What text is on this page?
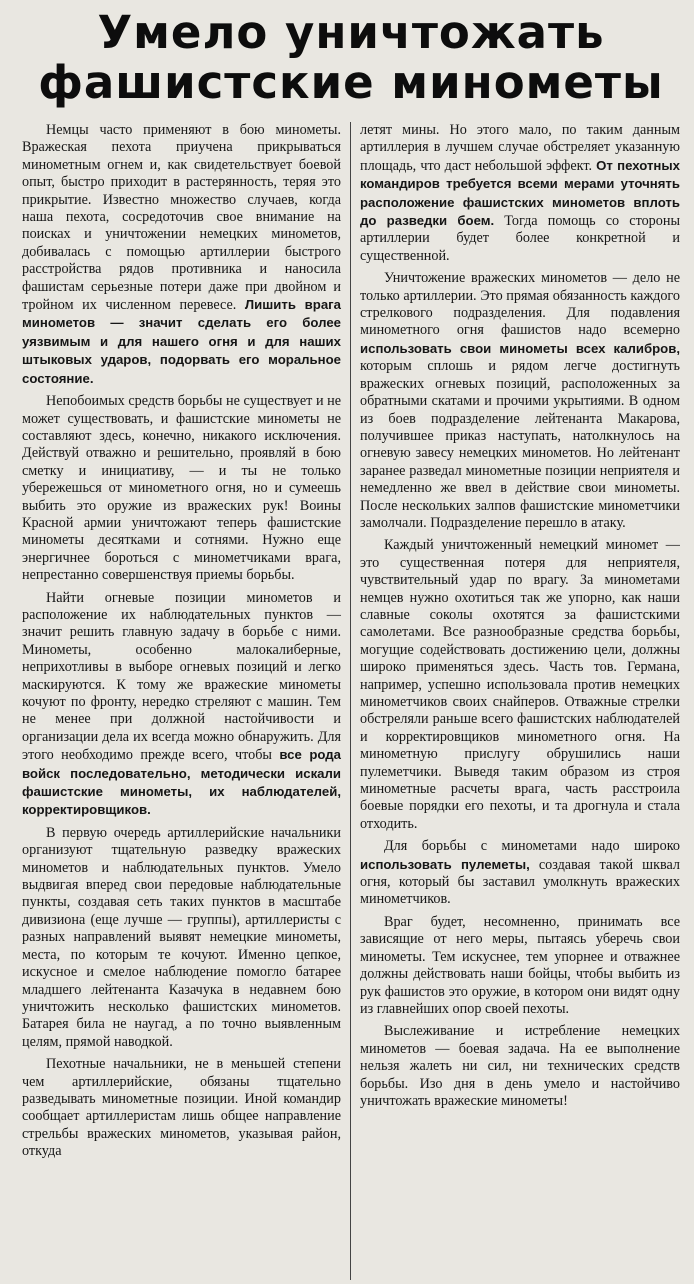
Умело уничтожать
фашистские минометы

Немцы часто применяют в бою минометы. Вражеская пехота приучена прикрываться минометным огнем и, как свидетельствует боевой опыт, быстро приходит в растерянность, теряя это прикрытие. Известно множество случаев, когда наша пехота, сосредоточив свое внимание на поисках и уничтожении немецких минометов, добивалась с помощью артиллерии быстрого расстройства рядов противника и наносила фашистам серьезные потери даже при двойном и тройном их численном перевесе. Лишить врага минометов — значит сделать его более уязвимым и для нашего огня и для наших штыковых ударов, подорвать его моральное состояние.

Непобоимых средств борьбы не существует и не может существовать, и фашистские минометы не составляют здесь, конечно, никакого исключения. Действуй отважно и решительно, проявляй в бою сметку и инициативу, — и ты не только убережешься от минометного огня, но и сумеешь выбить это оружие из вражеских рук! Воины Красной армии уничтожают теперь фашистские минометы десятками и сотнями. Нужно еще энергичнее бороться с минометчиками врага, непрестанно совершенствуя приемы борьбы.

Найти огневые позиции минометов и расположение их наблюдательных пунктов — значит решить главную задачу в борьбе с ними. Минометы, особенно малокалиберные, неприхотливы в выборе огневых позиций и легко маскируются. К тому же вражеские минометы кочуют по фронту, нередко стреляют с машин. Тем не менее при должной настойчивости и организации дела их всегда можно обнаружить. Для этого необходимо прежде всего, чтобы все рода войск последовательно, методически искали фашистские минометы, их наблюдателей, корректировщиков.

В первую очередь артиллерийские начальники организуют тщательную разведку вражеских минометов и наблюдательных пунктов. Умело выдвигая вперед свои передовые наблюдательные пункты, создавая сеть таких пунктов в масштабе дивизиона (еще лучше — группы), артиллеристы с разных направлений выявят немецкие минометы, места, по которым те кочуют. Именно цепкое, искусное и смелое наблюдение помогло батарее младшего лейтенанта Казачука в недавнем бою уничтожить несколько фашистских минометов. Батарея била не наугад, а по точно выявленным целям, прямой наводкой.

Пехотные начальники, не в меньшей степени чем артиллерийские, обязаны тщательно разведывать минометные позиции. Иной командир сообщает артиллеристам лишь общее направление стрельбы вражеских минометов, указывая район, откуда

летят мины. Но этого мало, по таким данным артиллерия в лучшем случае обстреляет указанную площадь, что даст небольшой эффект. От пехотных командиров требуется всеми мерами уточнять расположение фашистских минометов вплоть до разведки боем. Тогда помощь со стороны артиллерии будет более конкретной и существенной.

Уничтожение вражеских минометов — дело не только артиллерии. Это прямая обязанность каждого стрелкового подразделения. Для подавления минометного огня фашистов надо всемерно использовать свои минометы всех калибров, которым сплошь и рядом легче достигнуть вражеских огневых позиций, расположенных за обратными скатами и прочими укрытиями. В одном из боев подразделение лейтенанта Макарова, получившее приказ наступать, натолкнулось на огневую завесу немецких минометов. Но лейтенант заранее разведал минометные позиции неприятеля и немедленно же ввел в действие свои минометы. После нескольких залпов фашистские минометчики замолчали. Подразделение перешло в атаку.

Каждый уничтоженный немецкий миномет — это существенная потеря для неприятеля, чувствительный удар по врагу. За минометами немцев нужно охотиться так же упорно, как наши славные соколы охотятся за фашистскими самолетами. Все разнообразные средства борьбы, могущие содействовать достижению цели, должны широко применяться здесь. Часть тов. Германа, например, успешно использовала против немецких минометчиков своих снайперов. Отважные стрелки обстреляли раньше всего фашистских наблюдателей и корректировщиков минометного огня. На минометную прислугу обрушились наши пулеметчики. Выведя таким образом из строя минометные расчеты врага, часть расстроила боевые порядки его пехоты, и та дрогнула и стала отходить.

Для борьбы с минометами надо широко использовать пулеметы, создавая такой шквал огня, который бы заставил умолкнуть вражеских минометчиков.

Враг будет, несомненно, принимать все зависящие от него меры, пытаясь уберечь свои минометы. Тем искуснее, тем упорнее и отважнее должны действовать наши бойцы, чтобы выбить из рук фашистов это оружие, в котором они видят одну из главнейших опор своей пехоты.

Выслеживание и истребление немецких минометов — боевая задача. На ее выполнение нельзя жалеть ни сил, ни технических средств борьбы. Изо дня в день умело и настойчиво уничтожать вражеские минометы!
